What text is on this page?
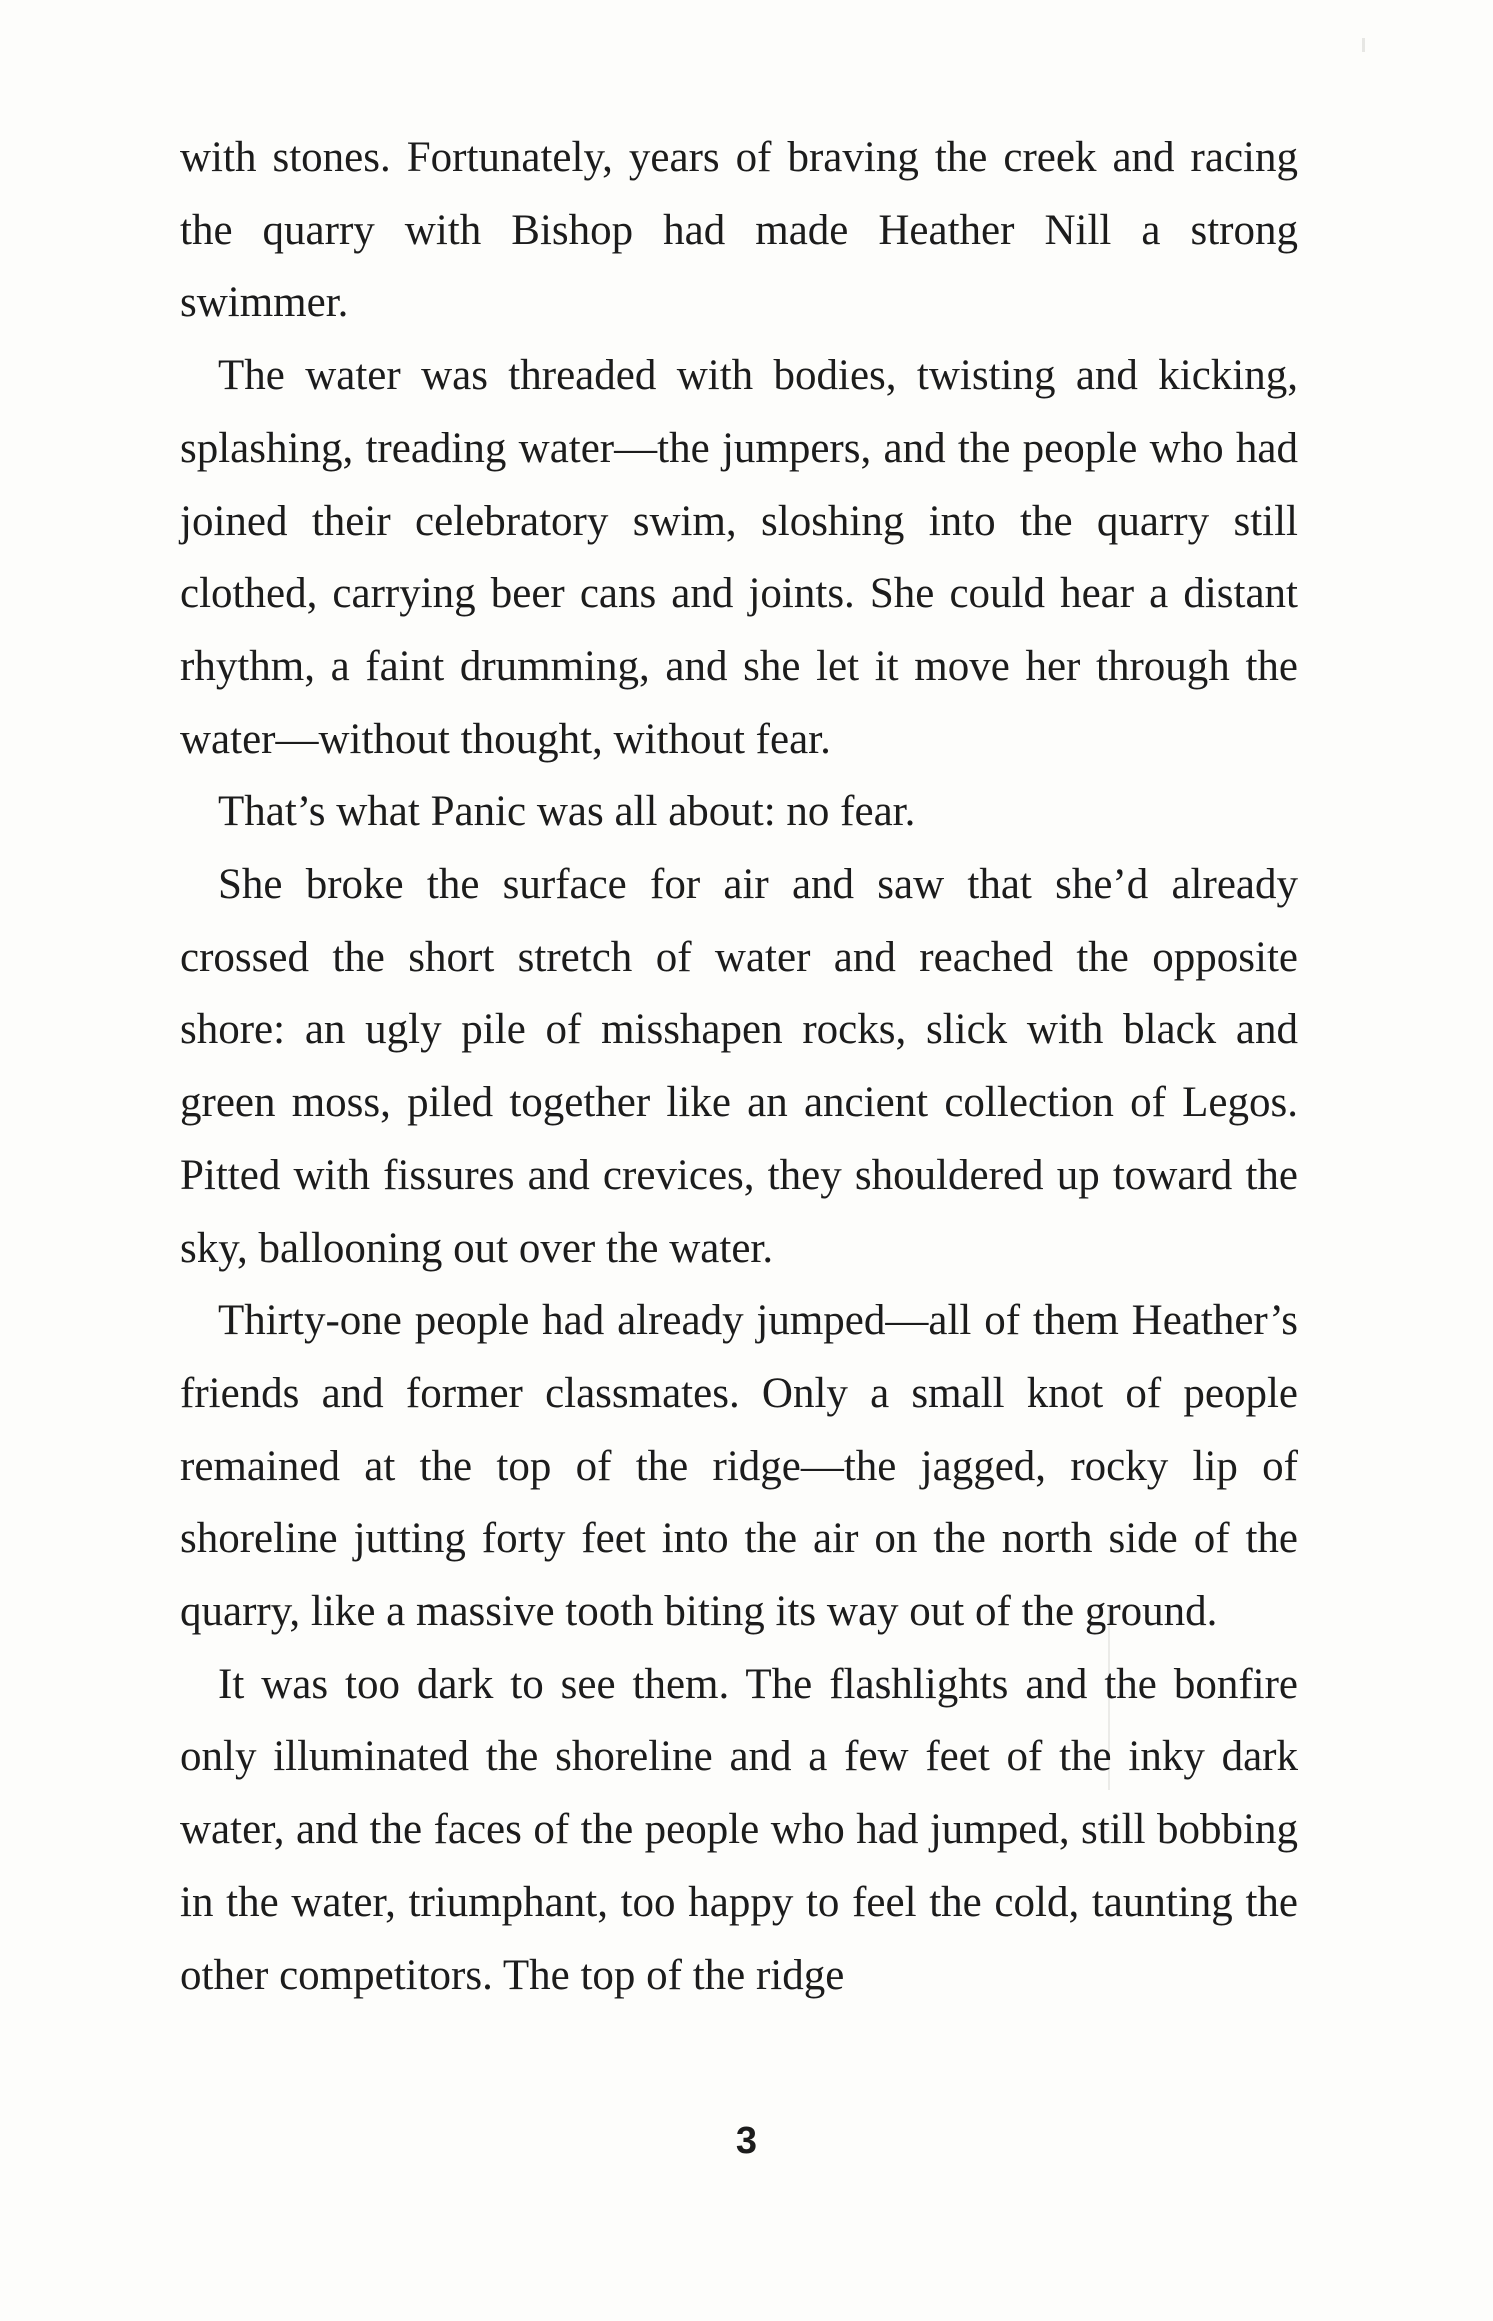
with stones. Fortunately, years of braving the creek and racing the quarry with Bishop had made Heather Nill a strong swimmer.

The water was threaded with bodies, twisting and kicking, splashing, treading water—the jumpers, and the people who had joined their celebratory swim, sloshing into the quarry still clothed, carrying beer cans and joints. She could hear a distant rhythm, a faint drumming, and she let it move her through the water—without thought, without fear.

That’s what Panic was all about: no fear.

She broke the surface for air and saw that she’d already crossed the short stretch of water and reached the opposite shore: an ugly pile of misshapen rocks, slick with black and green moss, piled together like an ancient collection of Legos. Pitted with fissures and crevices, they shouldered up toward the sky, ballooning out over the water.

Thirty-one people had already jumped—all of them Heather’s friends and former classmates. Only a small knot of people remained at the top of the ridge—the jagged, rocky lip of shoreline jutting forty feet into the air on the north side of the quarry, like a massive tooth biting its way out of the ground.

It was too dark to see them. The flashlights and the bonfire only illuminated the shoreline and a few feet of the inky dark water, and the faces of the people who had jumped, still bobbing in the water, triumphant, too happy to feel the cold, taunting the other competitors. The top of the ridge

3
